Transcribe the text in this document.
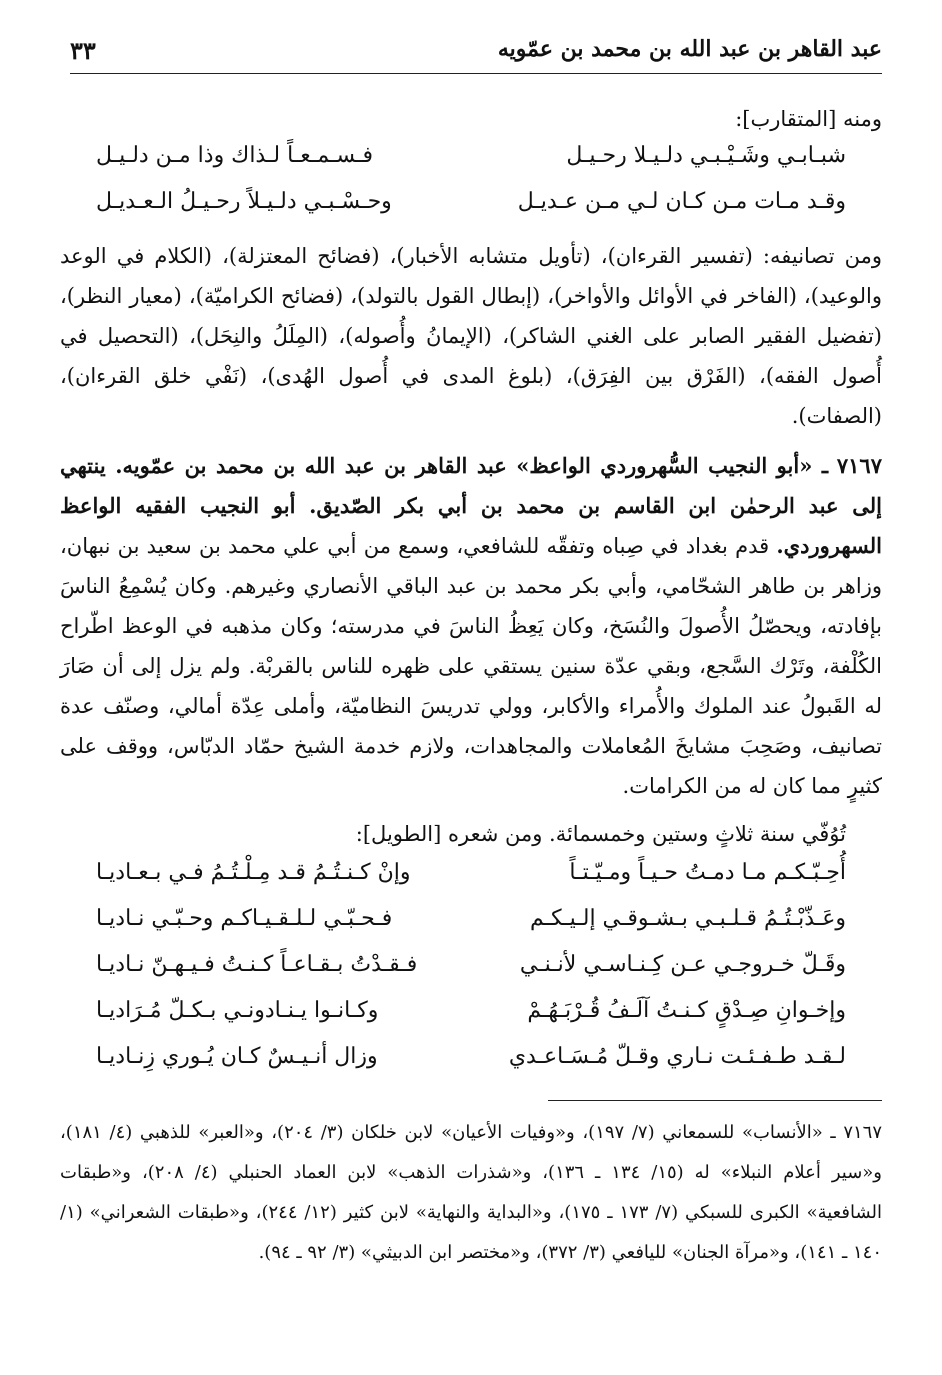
عبد القاهر بن عبد الله بن محمد بن عمّويه
٣٣
ومنه [المتقارب]:
شبـابـي وشَـيْـبـي دلـيـلا رحـيـل
فـسـمـعـاً لـذاك وذا مـن دلـيـل
وقـد مـات مـن كـان لـي مـن عـديـل
وحـسْـبـي دلـيـلاً رحـيـلُ الـعـديـل
ومن تصانيفه: (تفسير القرءان)، (تأويل متشابه الأخبار)، (فضائح المعتزلة)، (الكلام في الوعد والوعيد)، (الفاخر في الأوائل والأواخر)، (إبطال القول بالتولد)، (فضائح الكراميّة)، (معيار النظر)، (تفضيل الفقير الصابر على الغني الشاكر)، (الإيمانُ وأُصوله)، (المِلَلُ والنِحَل)، (التحصيل في أُصول الفقه)، (الفَرْق بين الفِرَق)، (بلوغ المدى في أُصول الهُدى)، (نَفْي خلق القرءان)، (الصفات).
٧١٦٧ ـ «أبو النجيب السُّهروردي الواعظ» عبد القاهر بن عبد الله بن محمد بن عمّويه. ينتهي إلى عبد الرحمٰن ابن القاسم بن محمد بن أبي بكر الصّديق. أبو النجيب الفقيه الواعظ السهروردي. قدم بغداد في صِباه وتفقّه للشافعي، وسمع من أبي علي محمد بن سعيد بن نبهان، وزاهر بن طاهر الشحّامي، وأبي بكر محمد بن عبد الباقي الأنصاري وغيرهم. وكان يُسْمِعُ الناسَ بإفادته، ويحصّلُ الأُصولَ والنُسَخ، وكان يَعِظُ الناسَ في مدرسته؛ وكان مذهبه في الوعظ اطّراح الكُلْفة، وتَرْك السَّجع، وبقي عدّة سنين يستقي على ظهره للناس بالقربْة. ولم يزل إلى أن صَارَ له القَبولُ عند الملوك والأُمراء والأكابر، وولي تدريسَ النظاميّة، وأملى عِدّة أمالي، وصنّف عدة تصانيف، وصَحِبَ مشايخَ المُعاملات والمجاهدات، ولازم خدمة الشيخ حمّاد الدبّاس، ووقف على كثيرٍ مما كان له من الكرامات.
تُوُفّي سنة ثلاثٍ وستين وخمسمائة. ومن شعره [الطويل]:
أُحِـبّـكـم مـا دمـتُ حـيـاً ومـيّـتـاً
وإنْ كـنـتُـمُ قـد مِـلْـتُـمُ فـي بـعـاديـا
وعَـذّبْـتُـمُ قـلـبـي بـشـوقـي إلـيـكـم
فـحـبّـي لـلـقـيـاكـم وحـبّـي نـاديـا
وقَـلّ خـروجـي عـن كِـنـاسـي لأنـنـي
فـقـدْتُ بـقـاعـاً كـنـتُ فـيـهـنّ نـاديـا
وإخـوانِ صِـدْقٍ كـنـتُ آلَـفُ قُـرْبَـهُـمْ
وكـانـوا يـنـادونـي بـكـلّ مُـرَاديـا
لـقـد طـفـئـت نـاري وقـلّ مُـسَـاعـدي
وزال أنـيـسٌ كـان يُـوري زِنـاديـا
٧١٦٧ ـ «الأنساب» للسمعاني (٧/ ١٩٧)، و«وفيات الأعيان» لابن خلكان (٣/ ٢٠٤)، و«العبر» للذهبي (٤/ ١٨١)، و«سير أعلام النبلاء» له (١٥/ ١٣٤ ـ ١٣٦)، و«شذرات الذهب» لابن العماد الحنبلي (٤/ ٢٠٨)، و«طبقات الشافعية» الكبرى للسبكي (٧/ ١٧٣ ـ ١٧٥)، و«البداية والنهاية» لابن كثير (١٢/ ٢٤٤)، و«طبقات الشعراني» (١/ ١٤٠ ـ ١٤١)، و«مرآة الجنان» لليافعي (٣/ ٣٧٢)، و«مختصر ابن الدبيثي» (٣/ ٩٢ ـ ٩٤).
